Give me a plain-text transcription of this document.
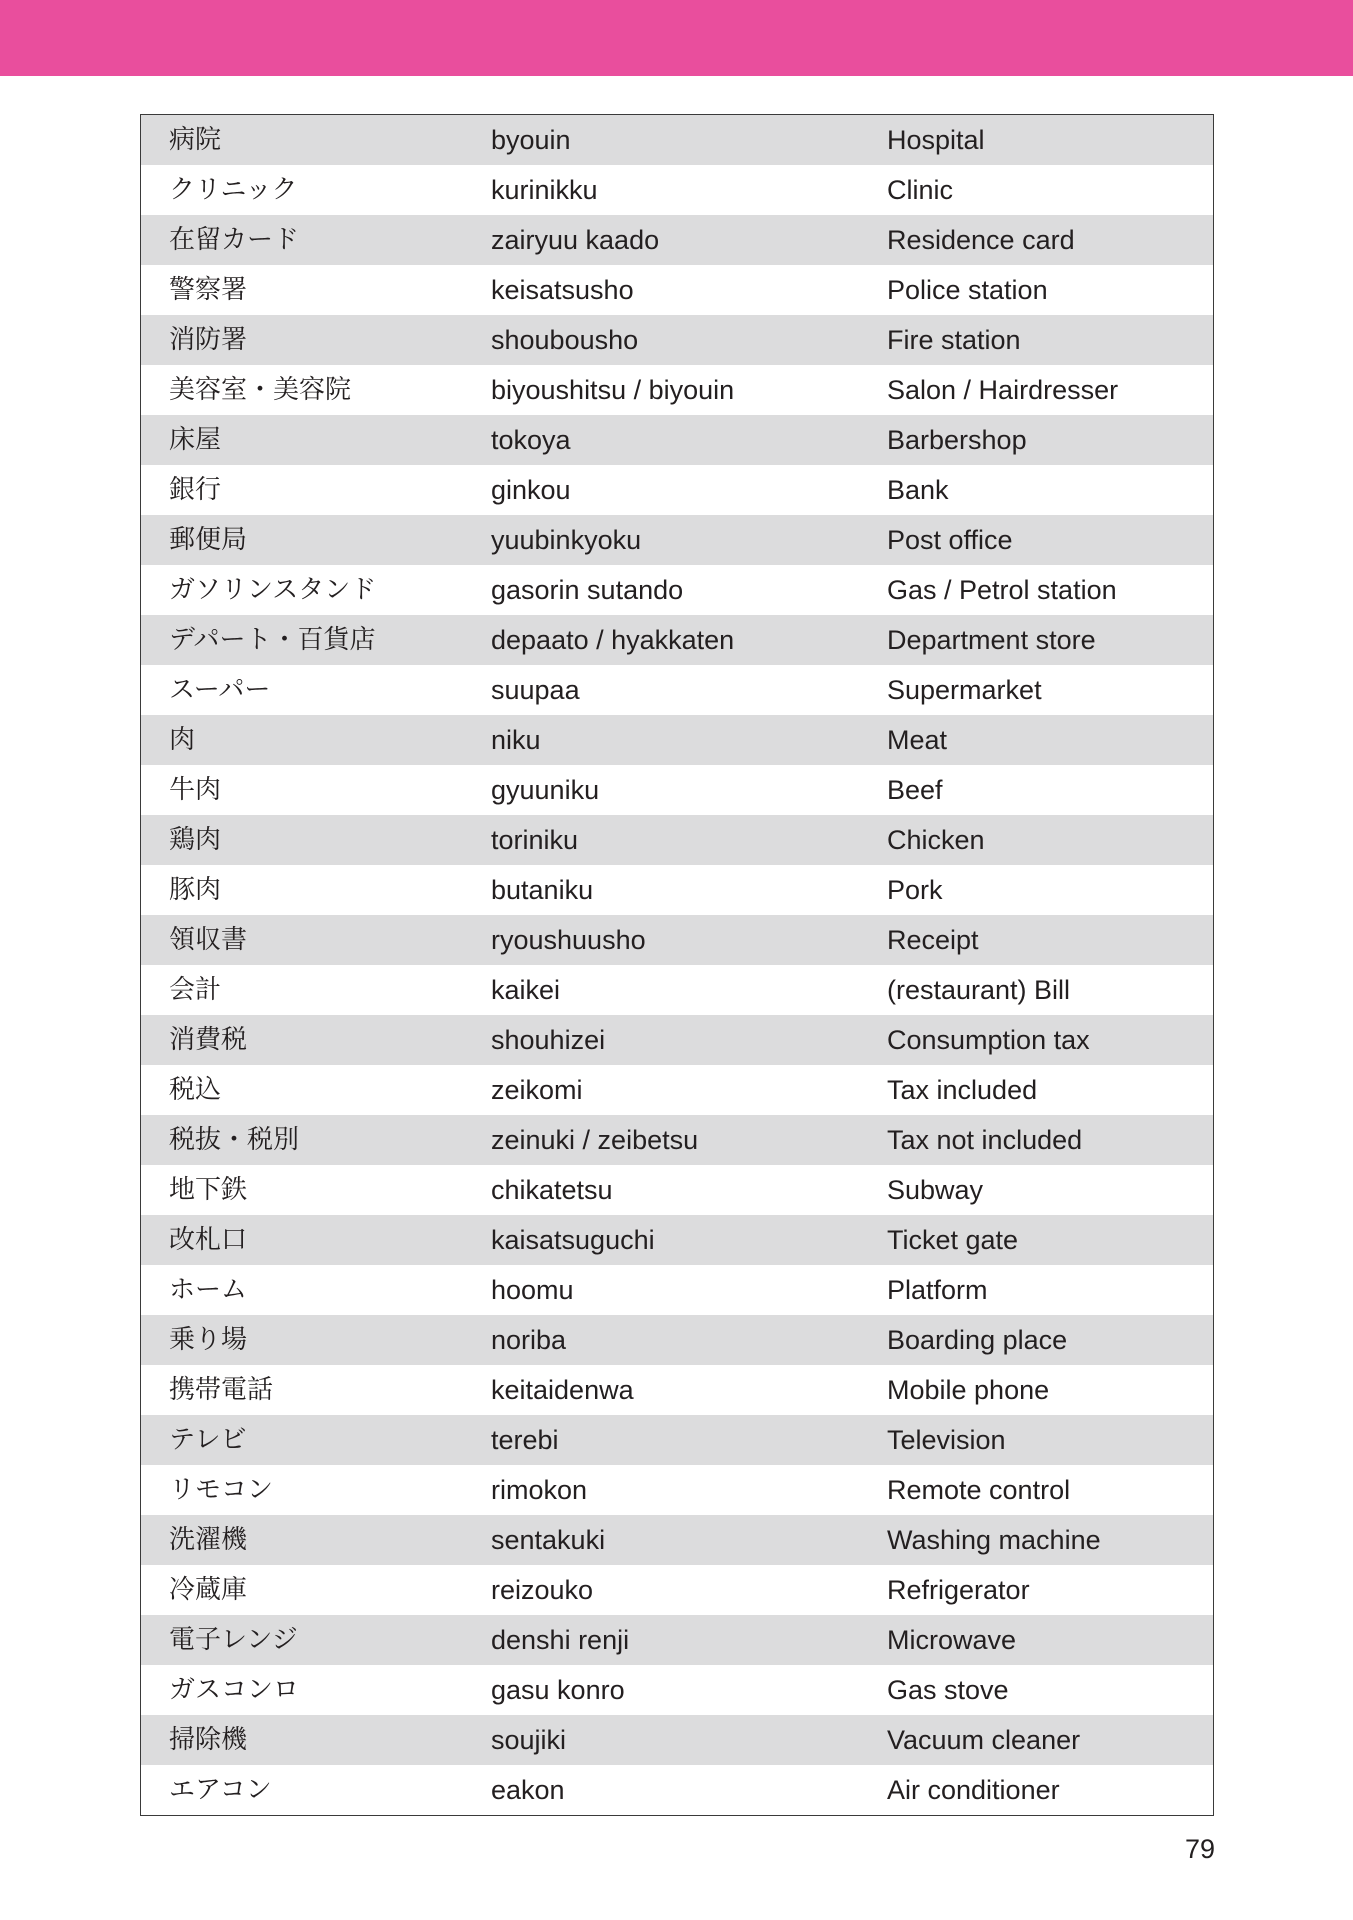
病院	byouin	Hospital
クリニック	kurinikku	Clinic
在留カード	zairyuu kaado	Residence card
警察署	keisatsusho	Police station
消防署	shoubousho	Fire station
美容室・美容院	biyoushitsu / biyouin	Salon / Hairdresser
床屋	tokoya	Barbershop
銀行	ginkou	Bank
郵便局	yuubinkyoku	Post office
ガソリンスタンド	gasorin sutando	Gas / Petrol station
デパート・百貨店	depaato / hyakkaten	Department store
スーパー	suupaa	Supermarket
肉	niku	Meat
牛肉	gyuuniku	Beef
鶏肉	toriniku	Chicken
豚肉	butaniku	Pork
領収書	ryoushuusho	Receipt
会計	kaikei	(restaurant) Bill
消費税	shouhizei	Consumption tax
税込	zeikomi	Tax included
税抜・税別	zeinuki / zeibetsu	Tax not included
地下鉄	chikatetsu	Subway
改札口	kaisatsuguchi	Ticket gate
ホーム	hoomu	Platform
乗り場	noriba	Boarding place
携帯電話	keitaidenwa	Mobile phone
テレビ	terebi	Television
リモコン	rimokon	Remote control
洗濯機	sentakuki	Washing machine
冷蔵庫	reizouko	Refrigerator
電子レンジ	denshi renji	Microwave
ガスコンロ	gasu konro	Gas stove
掃除機	soujiki	Vacuum cleaner
エアコン	eakon	Air conditioner
79
